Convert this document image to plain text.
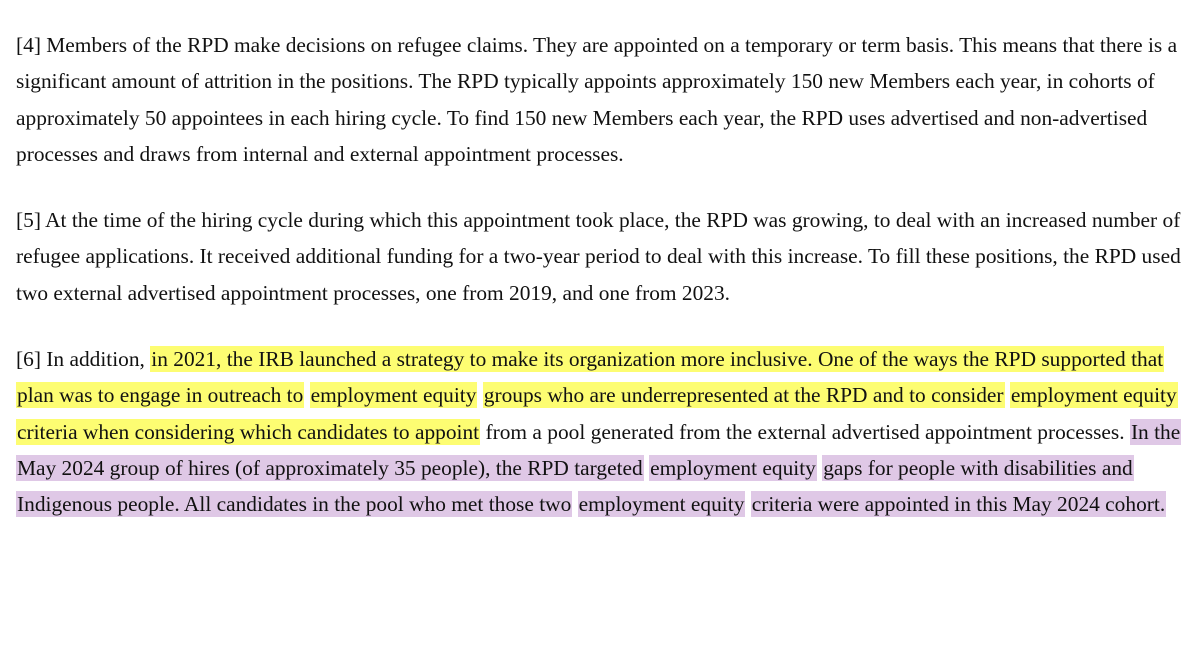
[4] Members of the RPD make decisions on refugee claims. They are appointed on a temporary or term basis. This means that there is a significant amount of attrition in the positions. The RPD typically appoints approximately 150 new Members each year, in cohorts of approximately 50 appointees in each hiring cycle. To find 150 new Members each year, the RPD uses advertised and non-advertised processes and draws from internal and external appointment processes.

[5] At the time of the hiring cycle during which this appointment took place, the RPD was growing, to deal with an increased number of refugee applications. It received additional funding for a two-year period to deal with this increase. To fill these positions, the RPD used two external advertised appointment processes, one from 2019, and one from 2023.

[6] In addition, in 2021, the IRB launched a strategy to make its organization more inclusive. One of the ways the RPD supported that plan was to engage in outreach to employment equity groups who are underrepresented at the RPD and to consider employment equity criteria when considering which candidates to appoint from a pool generated from the external advertised appointment processes. In the May 2024 group of hires (of approximately 35 people), the RPD targeted employment equity gaps for people with disabilities and Indigenous people. All candidates in the pool who met those two employment equity criteria were appointed in this May 2024 cohort.
